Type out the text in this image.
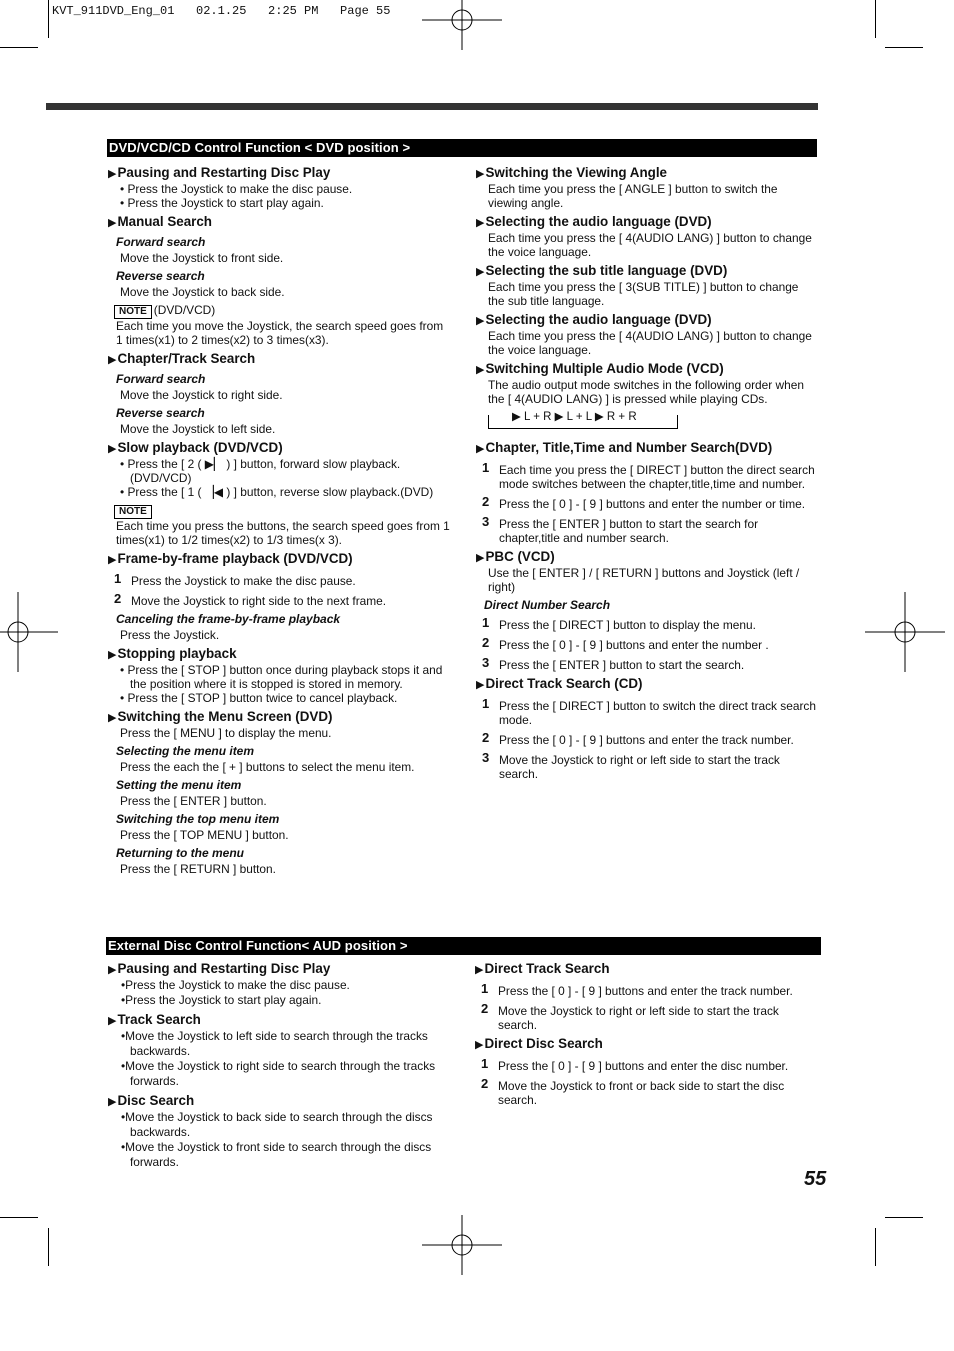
KVT_911DVD_Eng_01   02.1.25   2:25 PM   Page 55
DVD/VCD/CD Control Function < DVD position >
▶Pausing and Restarting Disc Play
• Press the Joystick to make the disc pause.
• Press the Joystick to start play again.
▶Manual Search
Forward search
Move the Joystick to front side.
Reverse search
Move the Joystick to back side.
NOTE (DVD/VCD)
Each time you move the Joystick, the search speed goes from 1 times(x1) to 2 times(x2) to 3 times(x3).
▶Chapter/Track Search
Forward search
Move the Joystick to right side.
Reverse search
Move the Joystick to left side.
▶Slow playback (DVD/VCD)
• Press the [ 2 ( ▶▏ ) ] button, forward slow playback. (DVD/VCD)
• Press the [ 1 ( ▕◀ ) ] button, reverse slow playback.(DVD)
NOTE
Each time you press the buttons, the search speed goes from 1 times(x1) to 1/2 times(x2) to 1/3 times(x 3).
▶Frame-by-frame playback (DVD/VCD)
1 Press the Joystick to make the disc pause.
2 Move the Joystick to right side to the next frame.
Canceling the frame-by-frame playback
Press the Joystick.
▶Stopping playback
• Press the [ STOP ] button once during playback stops it and the position where it is stopped is stored in memory.
• Press the [ STOP ] button twice to cancel playback.
▶Switching the Menu Screen (DVD)
Press the [ MENU ] to display the menu.
Selecting the menu item
Press the each the [ + ] buttons to select the menu item.
Setting the menu item
Press the [ ENTER ] button.
Switching the top menu item
Press the [ TOP MENU ] button.
Returning to the menu
Press the [ RETURN ] button.
▶Switching the Viewing Angle
Each time you press the [ ANGLE ] button to switch the viewing angle.
▶Selecting the audio language (DVD)
Each time you press the [ 4(AUDIO LANG) ] button to change the voice language.
▶Selecting the sub title language (DVD)
Each time you press the [ 3(SUB TITLE) ] button to change the sub title language.
▶Selecting the audio language (DVD)
Each time you press the [ 4(AUDIO LANG) ] button to change the voice language.
▶Switching Multiple Audio Mode (VCD)
The audio output mode switches in the following order when the [ 4(AUDIO LANG) ] is pressed while playing CDs.
▶ L + R ▶ L + L ▶ R + R
▶Chapter, Title,Time and Number Search(DVD)
1 Each time you press the [ DIRECT ] button the direct search mode switches between the chapter,title,time and number.
2 Press the [ 0 ] - [ 9 ] buttons and enter the number or time.
3 Press the [ ENTER ] button to start the search for chapter,title and number search.
▶PBC (VCD)
Use the [ ENTER ] / [ RETURN ] buttons and Joystick (left / right)
Direct Number Search
1 Press the [ DIRECT ] button to display the menu.
2 Press the [ 0 ] - [ 9 ] buttons and enter the number .
3 Press the [ ENTER ] button to start the search.
▶Direct Track Search (CD)
1 Press the [ DIRECT ] button to switch the direct track search mode.
2 Press the [ 0 ] - [ 9 ] buttons and enter the track number.
3 Move the Joystick to right or left side to start the track search.
External Disc Control Function< AUD position >
▶Pausing and Restarting Disc Play
•Press the Joystick to make the disc pause.
•Press the Joystick to start play again.
▶Track Search
•Move the Joystick to left side to search through the tracks backwards.
•Move the Joystick to right side to search through the tracks forwards.
▶Disc Search
•Move the Joystick to back side to search through the discs backwards.
•Move the Joystick to front side to search through the discs forwards.
▶Direct Track Search
1 Press the [ 0 ] - [ 9 ] buttons and enter the track number.
2 Move the Joystick to right or left side to start the track search.
▶Direct Disc Search
1 Press the [ 0 ] - [ 9 ] buttons and enter the disc number.
2 Move the Joystick to front or back side to start the disc search.
55
